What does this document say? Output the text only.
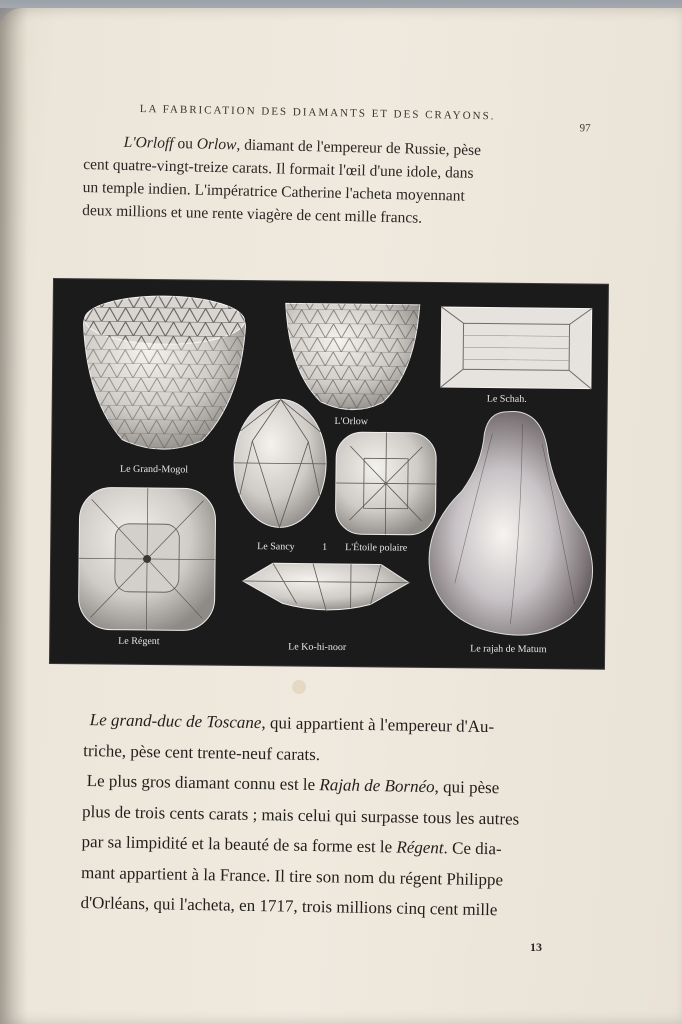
LA FABRICATION DES DIAMANTS ET DES CRAYONS.
97

L'Orloff ou Orlow, diamant de l'empereur de Russie, pèse

cent quatre-vingt-treize carats. Il formait l'œil d'une idole, dans

un temple indien. L'impératrice Catherine l'acheta moyennant

deux millions et une rente viagère de cent mille francs.

Le Grand-Mogol
L'Orlow
Le Schah.
Le Sancy	1 L'Étoile polaire
Le Régent
Le Ko-hi-noor	Le rajah de Matum

Le grand-duc de Toscane, qui appartient à l'empereur d'Au-

triche, pèse cent trente-neuf carats.

Le plus gros diamant connu est le Rajah de Bornéo, qui pèse

plus de trois cents carats ; mais celui qui surpasse tous les autres

par sa limpidité et la beauté de sa forme est le Régent. Ce dia-

mant appartient à la France. Il tire son nom du régent Philippe

d'Orléans, qui l'acheta, en 1717, trois millions cinq cent mille

13
